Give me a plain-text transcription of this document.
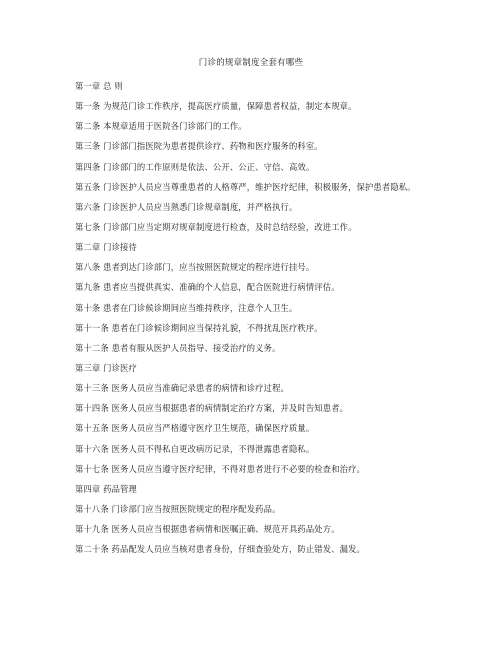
门诊的规章制度全套有哪些
第一章 总 则
第一条 为规范门诊工作秩序，提高医疗质量，保障患者权益，制定本规章。
第二条 本规章适用于医院各门诊部门的工作。
第三条 门诊部门指医院为患者提供诊疗、药物和医疗服务的科室。
第四条 门诊部门的工作原则是依法、公开、公正、守信、高效。
第五条 门诊医护人员应当尊重患者的人格尊严，维护医疗纪律，积极服务，保护患者隐私。
第六条 门诊医护人员应当熟悉门诊规章制度，并严格执行。
第七条 门诊部门应当定期对规章制度进行检查，及时总结经验，改进工作。
第二章 门诊接待
第八条 患者到达门诊部门，应当按照医院规定的程序进行挂号。
第九条 患者应当提供真实、准确的个人信息，配合医院进行病情评估。
第十条 患者在门诊候诊期间应当维持秩序，注意个人卫生。
第十一条 患者在门诊候诊期间应当保持礼貌，不得扰乱医疗秩序。
第十二条 患者有服从医护人员指导、接受治疗的义务。
第三章 门诊医疗
第十三条 医务人员应当准确记录患者的病情和诊疗过程。
第十四条 医务人员应当根据患者的病情制定治疗方案，并及时告知患者。
第十五条 医务人员应当严格遵守医疗卫生规范，确保医疗质量。
第十六条 医务人员不得私自更改病历记录，不得泄露患者隐私。
第十七条 医务人员应当遵守医疗纪律，不得对患者进行不必要的检查和治疗。
第四章 药品管理
第十八条 门诊部门应当按照医院规定的程序配发药品。
第十九条 医务人员应当根据患者病情和医嘱正确、规范开具药品处方。
第二十条 药品配发人员应当核对患者身份，仔细查验处方，防止错发、漏发。
